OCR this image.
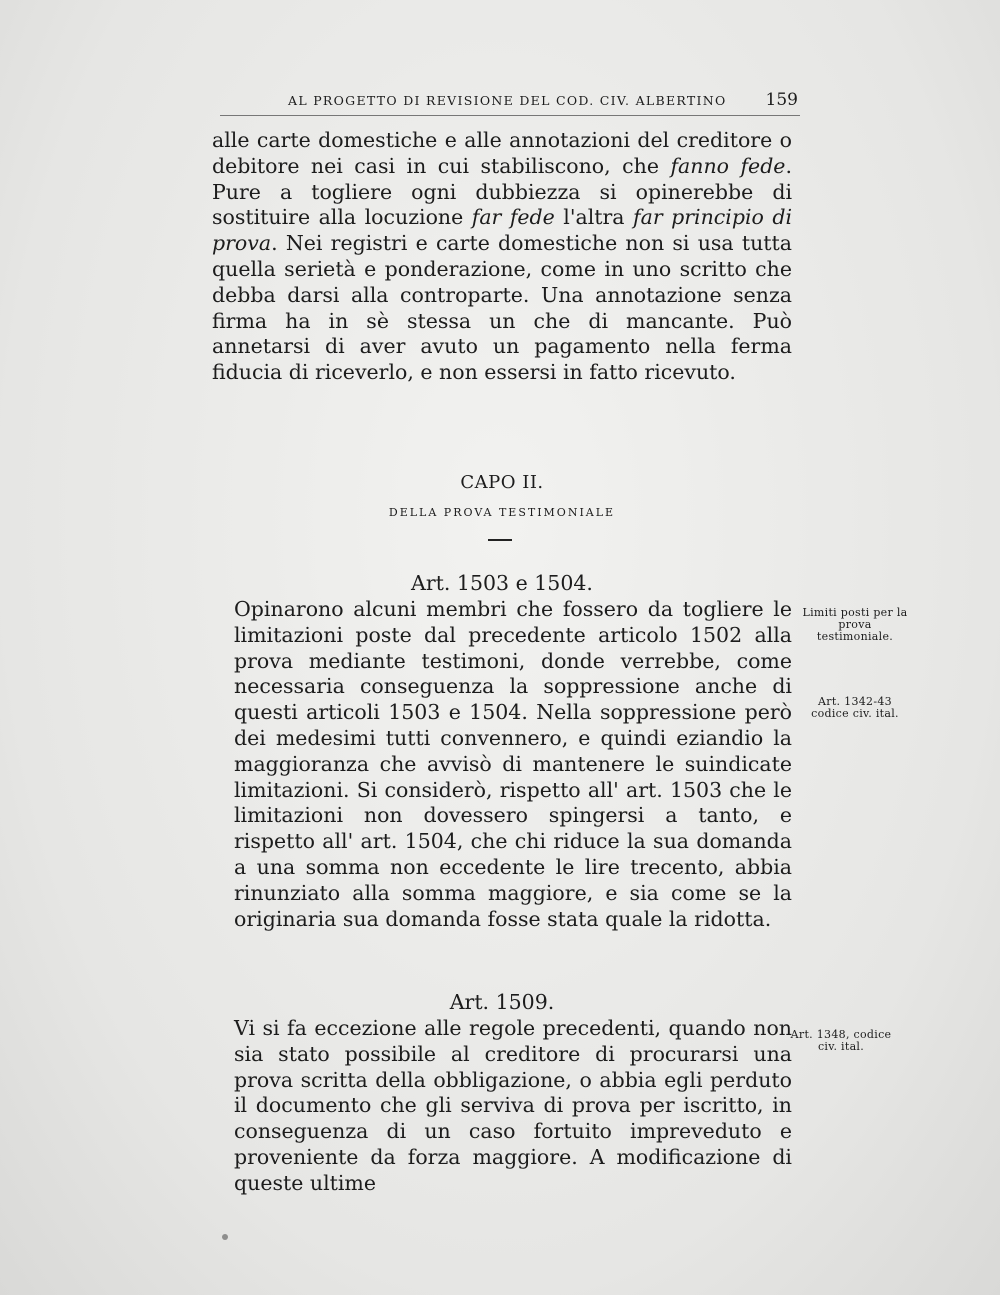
AL PROGETTO DI REVISIONE DEL COD. CIV. ALBERTINO 159
alle carte domestiche e alle annotazioni del creditore o debitore nei casi in cui stabiliscono, che fanno fede. Pure a togliere ogni dubbiezza si opinerebbe di sostituire alla locuzione far fede l'altra far principio di prova. Nei registri e carte domestiche non si usa tutta quella serietà e ponderazione, come in uno scritto che debba darsi alla controparte. Una annotazione senza firma ha in sè stessa un che di mancante. Può annetarsi di aver avuto un pagamento nella ferma fiducia di riceverlo, e non essersi in fatto ricevuto.
CAPO II.
DELLA PROVA TESTIMONIALE
Art. 1503 e 1504.
Opinarono alcuni membri che fossero da togliere le limitazioni poste dal precedente articolo 1502 alla prova mediante testimoni, donde verrebbe, come necessaria conseguenza la soppressione anche di questi articoli 1503 e 1504. Nella soppressione però dei medesimi tutti convennero, e quindi eziandio la maggioranza che avvisò di mantenere le suindicate limitazioni. Si considerò, rispetto all' art. 1503 che le limitazioni non dovessero spingersi a tanto, e rispetto all' art. 1504, che chi riduce la sua domanda a una somma non eccedente le lire trecento, abbia rinunziato alla somma maggiore, e sia come se la originaria sua domanda fosse stata quale la ridotta.
Art. 1509.
Vi si fa eccezione alle regole precedenti, quando non sia stato possibile al creditore di procurarsi una prova scritta della obbligazione, o abbia egli perduto il documento che gli serviva di prova per iscritto, in conseguenza di un caso fortuito impreveduto e proveniente da forza maggiore. A modificazione di queste ultime
Limiti posti per la prova testimoniale.
Art. 1342-43 codice civ. ital.
Art. 1348, codice civ. ital.
